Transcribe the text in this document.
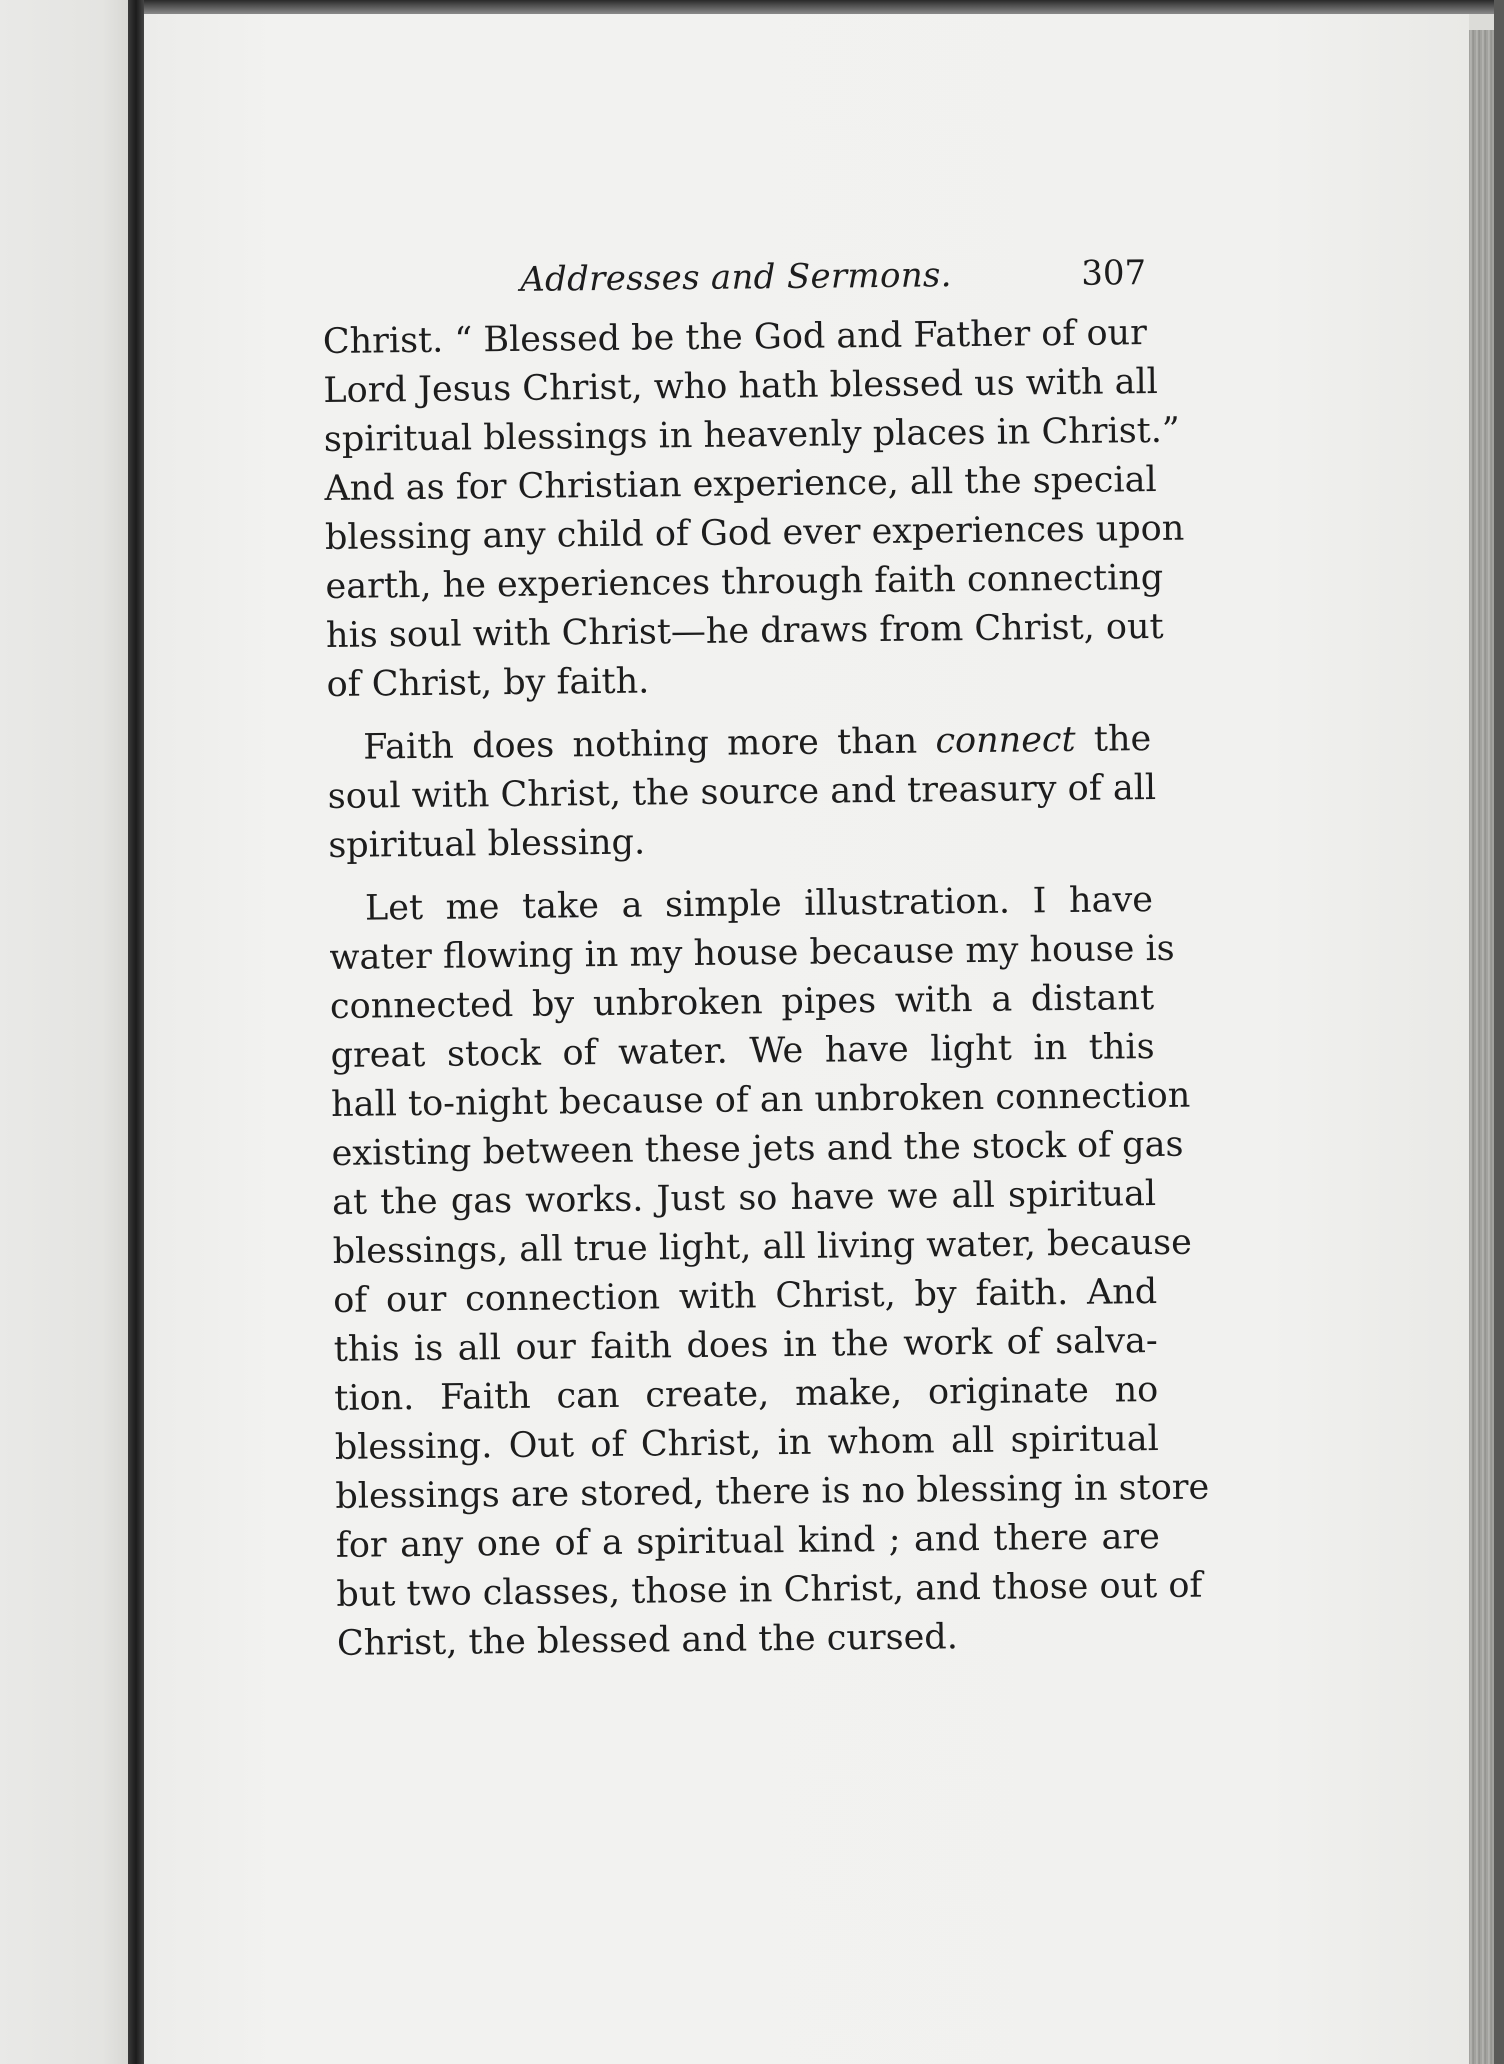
Addresses and Sermons.	307
Christ. “ Blessed be the God and Father of our
Lord Jesus Christ, who hath blessed us with all
spiritual blessings in heavenly places in Christ.”
And as for Christian experience, all the special
blessing any child of God ever experiences upon
earth, he experiences through faith connecting
his soul with Christ—he draws from Christ, out
of Christ, by faith.
Faith does nothing more than connect the
soul with Christ, the source and treasury of all
spiritual blessing.
Let me take a simple illustration. I have
water flowing in my house because my house is
connected by unbroken pipes with a distant
great stock of water. We have light in this
hall to-night because of an unbroken connection
existing between these jets and the stock of gas
at the gas works. Just so have we all spiritual
blessings, all true light, all living water, because
of our connection with Christ, by faith. And
this is all our faith does in the work of salva-
tion. Faith can create, make, originate no
blessing. Out of Christ, in whom all spiritual
blessings are stored, there is no blessing in store
for any one of a spiritual kind ; and there are
but two classes, those in Christ, and those out of
Christ, the blessed and the cursed.
